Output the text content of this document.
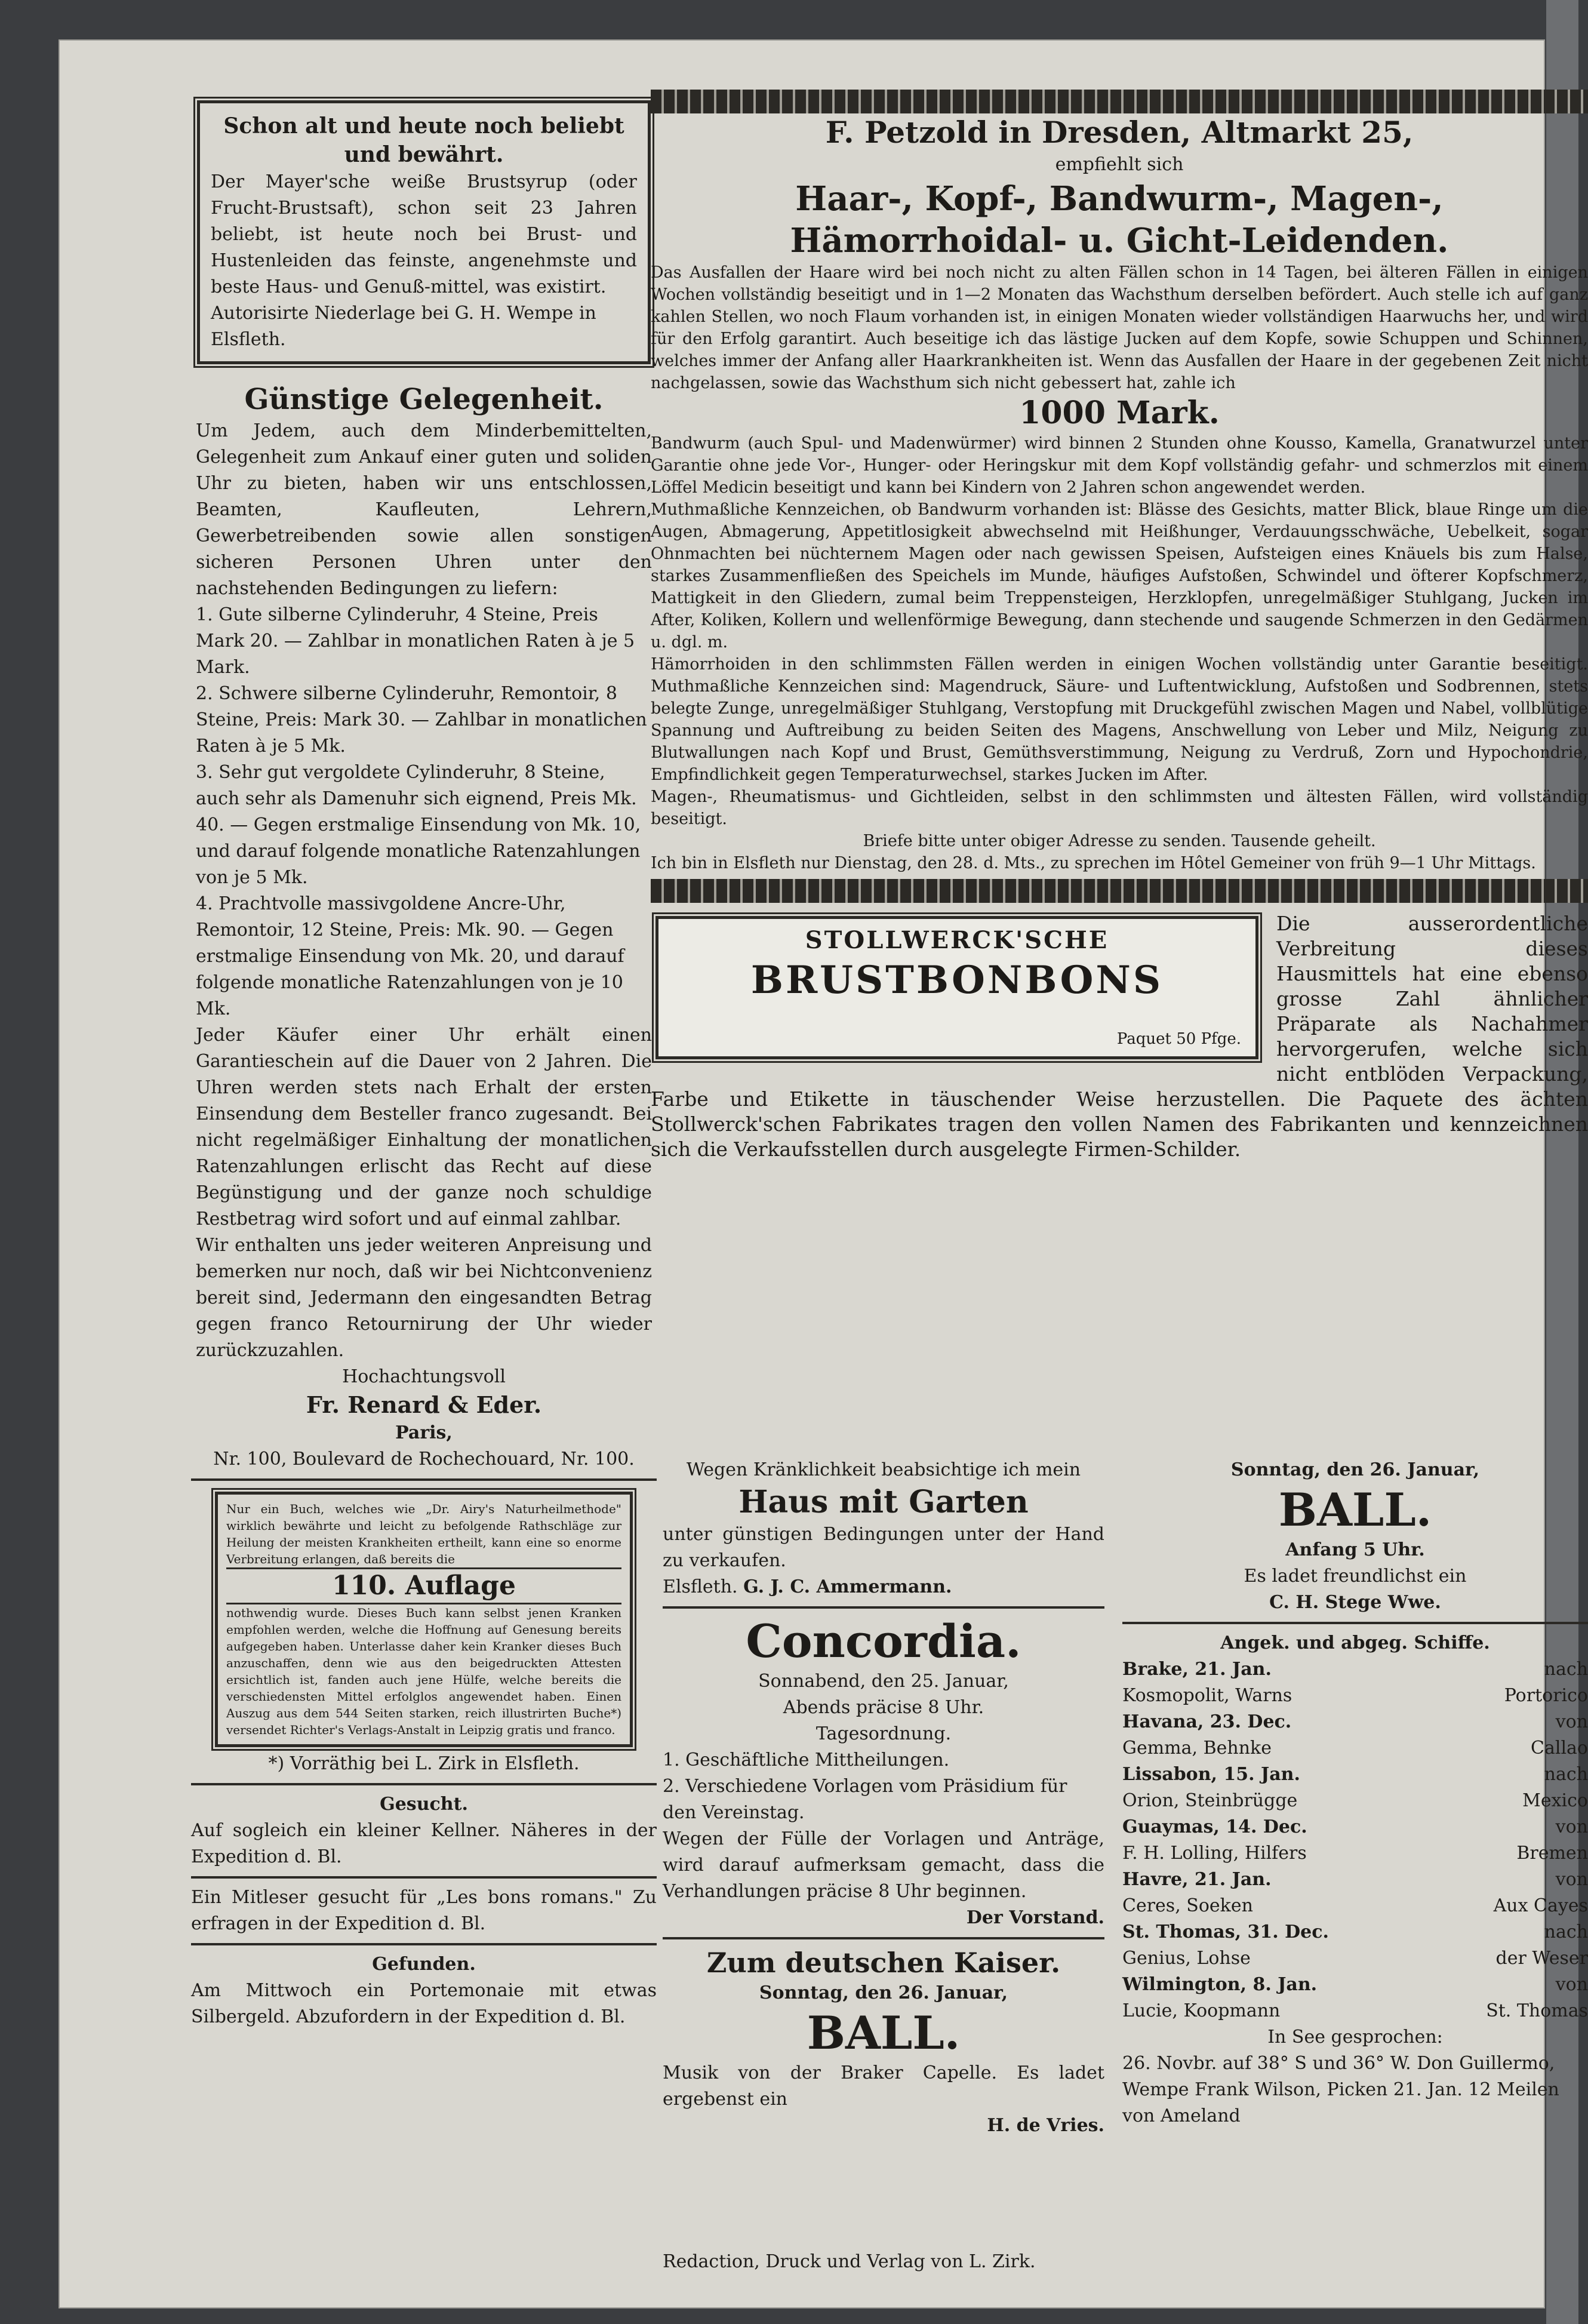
Schon alt und heute noch beliebt und bewährt.

Der Mayer'sche weiße Brustsyrup (oder Frucht-Brustsaft), schon seit 23 Jahren beliebt, ist heute noch bei Brust- und Hustenleiden das feinste, angenehmste und beste Haus- und Genuß-mittel, was existirt.

Autorisirte Niederlage bei G. H. Wempe in Elsfleth.

Günstige Gelegenheit.

Um Jedem, auch dem Minderbemittelten, Gelegenheit zum Ankauf einer guten und soliden Uhr zu bieten, haben wir uns entschlossen, Beamten, Kaufleuten, Lehrern, Gewerbetreibenden sowie allen sonstigen sicheren Personen Uhren unter den nachstehenden Bedingungen zu liefern:

1. Gute silberne Cylinderuhr, 4 Steine, Preis Mark 20. — Zahlbar in monatlichen Raten à je 5 Mark.
2. Schwere silberne Cylinderuhr, Remontoir, 8 Steine, Preis: Mark 30. — Zahlbar in monatlichen Raten à je 5 Mk.
3. Sehr gut vergoldete Cylinderuhr, 8 Steine, auch sehr als Damenuhr sich eignend, Preis Mk. 40. — Gegen erstmalige Einsendung von Mk. 10, und darauf folgende monatliche Ratenzahlungen von je 5 Mk.
4. Prachtvolle massivgoldene Ancre-Uhr, Remontoir, 12 Steine, Preis: Mk. 90. — Gegen erstmalige Einsendung von Mk. 20, und darauf folgende monatliche Ratenzahlungen von je 10 Mk.

Jeder Käufer einer Uhr erhält einen Garantieschein auf die Dauer von 2 Jahren. Die Uhren werden stets nach Erhalt der ersten Einsendung dem Besteller franco zugesandt. Bei nicht regelmäßiger Einhaltung der monatlichen Ratenzahlungen erlischt das Recht auf diese Begünstigung und der ganze noch schuldige Restbetrag wird sofort und auf einmal zahlbar.

Wir enthalten uns jeder weiteren Anpreisung und bemerken nur noch, daß wir bei Nichtconvenienz bereit sind, Jedermann den eingesandten Betrag gegen franco Retournirung der Uhr wieder zurückzuzahlen.

Hochachtungsvoll

Fr. Renard & Eder.

Paris,

Nr. 100, Boulevard de Rochechouard, Nr. 100.

Nur ein Buch, welches wie „Dr. Airy's Naturheilmethode" wirklich bewährte und leicht zu befolgende Rathschläge zur Heilung der meisten Krankheiten ertheilt, kann eine so enorme Verbreitung erlangen, daß bereits die

110. Auflage

nothwendig wurde. Dieses Buch kann selbst jenen Kranken empfohlen werden, welche die Hoffnung auf Genesung bereits aufgegeben haben. Unterlasse daher kein Kranker dieses Buch anzuschaffen, denn wie aus den beigedruckten Attesten ersichtlich ist, fanden auch jene Hülfe, welche bereits die verschiedensten Mittel erfolglos angewendet haben. Einen Auszug aus dem 544 Seiten starken, reich illustrirten Buche*) versendet Richter's Verlags-Anstalt in Leipzig gratis und franco.

*) Vorräthig bei L. Zirk in Elsfleth.

Gesucht.

Auf sogleich ein kleiner Kellner. Näheres in der Expedition d. Bl.

Ein Mitleser gesucht für „Les bons romans." Zu erfragen in der Expedition d. Bl.

Gefunden.

Am Mittwoch ein Portemonaie mit etwas Silbergeld. Abzufordern in der Expedition d. Bl.

F. Petzold in Dresden, Altmarkt 25,

empfiehlt sich

Haar-, Kopf-, Bandwurm-, Magen-,

Hämorrhoidal- u. Gicht-Leidenden.

Das Ausfallen der Haare wird bei noch nicht zu alten Fällen schon in 14 Tagen, bei älteren Fällen in einigen Wochen vollständig beseitigt und in 1—2 Monaten das Wachsthum derselben befördert. Auch stelle ich auf ganz kahlen Stellen, wo noch Flaum vorhanden ist, in einigen Monaten wieder vollständigen Haarwuchs her, und wird für den Erfolg garantirt. Auch beseitige ich das lästige Jucken auf dem Kopfe, sowie Schuppen und Schinnen, welches immer der Anfang aller Haarkrankheiten ist. Wenn das Ausfallen der Haare in der gegebenen Zeit nicht nachgelassen, sowie das Wachsthum sich nicht gebessert hat, zahle ich

1000 Mark.

Bandwurm (auch Spul- und Madenwürmer) wird binnen 2 Stunden ohne Kousso, Kamella, Granatwurzel unter Garantie ohne jede Vor-, Hunger- oder Heringskur mit dem Kopf vollständig gefahr- und schmerzlos mit einem Löffel Medicin beseitigt und kann bei Kindern von 2 Jahren schon angewendet werden.

Muthmaßliche Kennzeichen, ob Bandwurm vorhanden ist: Blässe des Gesichts, matter Blick, blaue Ringe um die Augen, Abmagerung, Appetitlosigkeit abwechselnd mit Heißhunger, Verdauungsschwäche, Uebelkeit, sogar Ohnmachten bei nüchternem Magen oder nach gewissen Speisen, Aufsteigen eines Knäuels bis zum Halse, starkes Zusammenfließen des Speichels im Munde, häufiges Aufstoßen, Schwindel und öfterer Kopfschmerz, Mattigkeit in den Gliedern, zumal beim Treppensteigen, Herzklopfen, unregelmäßiger Stuhlgang, Jucken im After, Koliken, Kollern und wellenförmige Bewegung, dann stechende und saugende Schmerzen in den Gedärmen u. dgl. m.

Hämorrhoiden in den schlimmsten Fällen werden in einigen Wochen vollständig unter Garantie beseitigt. Muthmaßliche Kennzeichen sind: Magendruck, Säure- und Luftentwicklung, Aufstoßen und Sodbrennen, stets belegte Zunge, unregelmäßiger Stuhlgang, Verstopfung mit Druckgefühl zwischen Magen und Nabel, vollblütige Spannung und Auftreibung zu beiden Seiten des Magens, Anschwellung von Leber und Milz, Neigung zu Blutwallungen nach Kopf und Brust, Gemüthsverstimmung, Neigung zu Verdruß, Zorn und Hypochondrie, Empfindlichkeit gegen Temperaturwechsel, starkes Jucken im After.

Magen-, Rheumatismus- und Gichtleiden, selbst in den schlimmsten und ältesten Fällen, wird vollständig beseitigt.

Briefe bitte unter obiger Adresse zu senden. Tausende geheilt.

Ich bin in Elsfleth nur Dienstag, den 28. d. Mts., zu sprechen im Hôtel Gemeiner von früh 9—1 Uhr Mittags.

STOLLWERCK'SCHE
BRUSTBONBONS
Paquet 50 Pfge.

Die ausserordentliche Verbreitung dieses Hausmittels hat eine ebenso grosse Zahl ähnlicher Präparate als Nachahmer hervorgerufen, welche sich nicht entblöden Verpackung, Farbe und Etikette in täuschender Weise herzustellen. Die Paquete des ächten Stollwerck'schen Fabrikates tragen den vollen Namen des Fabrikanten und kennzeichnen sich die Verkaufsstellen durch ausgelegte Firmen-Schilder.

Wegen Kränklichkeit beabsichtige ich mein

Haus mit Garten

unter günstigen Bedingungen unter der Hand zu verkaufen.

Elsfleth. G. J. C. Ammermann.

Concordia.

Sonnabend, den 25. Januar,

Abends präcise 8 Uhr.

Tagesordnung.

1. Geschäftliche Mittheilungen.

2. Verschiedene Vorlagen vom Präsidium für den Vereinstag.

Wegen der Fülle der Vorlagen und Anträge, wird darauf aufmerksam gemacht, dass die Verhandlungen präcise 8 Uhr beginnen.

Der Vorstand.

Zum deutschen Kaiser.

Sonntag, den 26. Januar,

BALL.

Musik von der Braker Capelle. Es ladet ergebenst ein

H. de Vries.

Sonntag, den 26. Januar,

BALL.

Anfang 5 Uhr.

Es ladet freundlichst ein

C. H. Stege Wwe.

Angek. und abgeg. Schiffe.

Brake, 21. Jan.	nach
Kosmopolit, Warns	Portorico
Havana, 23. Dec.	von
Gemma, Behnke	Callao
Lissabon, 15. Jan.	nach
Orion, Steinbrügge	Mexico
Guaymas, 14. Dec.	von
F. H. Lolling, Hilfers	Bremen
Havre, 21. Jan.	von
Ceres, Soeken	Aux Cayes
St. Thomas, 31. Dec.	nach
Genius, Lohse	der Weser
Wilmington, 8. Jan.	von
Lucie, Koopmann	St. Thomas

In See gesprochen:

26. Novbr. auf 38° S und 36° W. Don Guillermo, Wempe Frank Wilson, Picken 21. Jan. 12 Meilen von Ameland

Redaction, Druck und Verlag von L. Zirk.
